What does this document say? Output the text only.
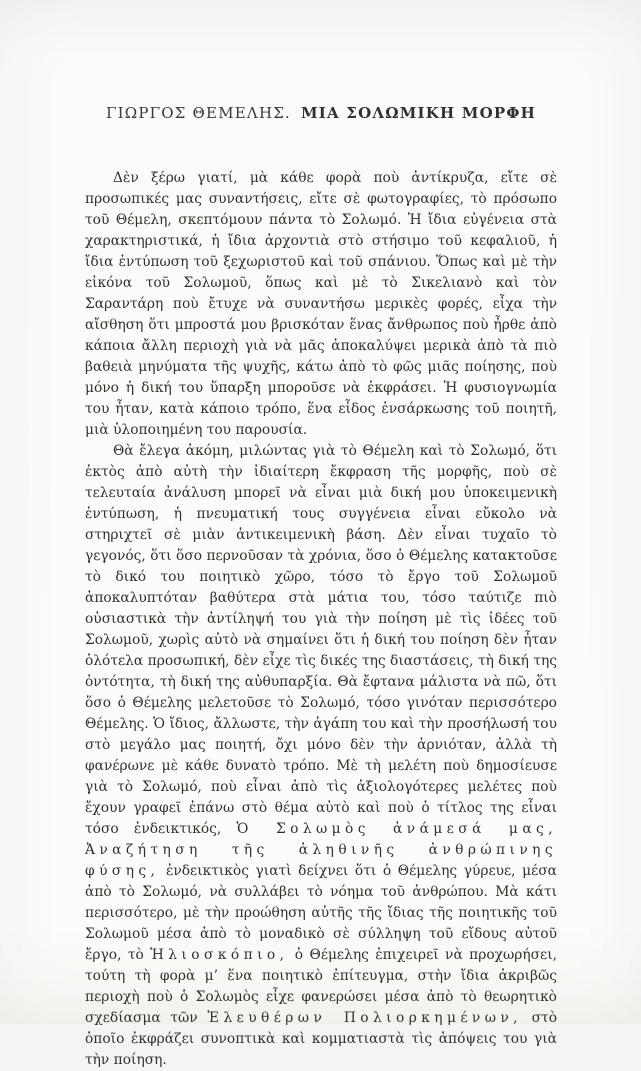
ΓΙΩΡΓΟΣ ΘΕΜΕΛΗΣ. ΜΙΑ ΣΟΛΩΜΙΚΗ ΜΟΡΦΗ

Δὲν ξέρω γιατί, μὰ κάθε φορὰ ποὺ ἀντίκρυζα, εἴτε σὲ προσωπικές μας συναντήσεις, εἴτε σὲ φωτογραφίες, τὸ πρόσωπο τοῦ Θέμελη, σκεπτόμουν πάντα τὸ Σολωμό. Ἡ ἴδια εὐγένεια στὰ χαρακτηριστικά, ἡ ἴδια ἀρχοντιὰ στὸ στήσιμο τοῦ κεφαλιοῦ, ἡ ἴδια ἐντύπωση τοῦ ξεχωριστοῦ καὶ τοῦ σπάνιου. Ὅπως καὶ μὲ τὴν εἰκόνα τοῦ Σολωμοῦ, ὅπως καὶ μὲ τὸ Σικελιανὸ καὶ τὸν Σαραντάρη ποὺ ἔτυχε νὰ συναντήσω μερικὲς φορές, εἶχα τὴν αἴσθηση ὅτι μπροστά μου βρισκόταν ἕνας ἄνθρωπος ποὺ ἦρθε ἀπὸ κάποια ἄλλη περιοχὴ γιὰ νὰ μᾶς ἀποκαλύψει μερικὰ ἀπὸ τὰ πιὸ βαθειὰ μηνύματα τῆς ψυχῆς, κάτω ἀπὸ τὸ φῶς μιᾶς ποίησης, ποὺ μόνο ἡ δική του ὕπαρξη μποροῦσε νὰ ἐκφράσει. Ἡ φυσιογνωμία του ἦταν, κατὰ κάποιο τρόπο, ἕνα εἶδος ἐνσάρκωσης τοῦ ποιητῆ, μιὰ ὑλοποιημένη του παρουσία.

Θὰ ἔλεγα ἀκόμη, μιλώντας γιὰ τὸ Θέμελη καὶ τὸ Σολωμό, ὅτι ἐκτὸς ἀπὸ αὐτὴ τὴν ἰδιαίτερη ἔκφραση τῆς μορφῆς, ποὺ σὲ τελευταία ἀνάλυση μπορεῖ νὰ εἶναι μιὰ δική μου ὑποκειμενικὴ ἐντύπωση, ἡ πνευματική τους συγγένεια εἶναι εὔκολο νὰ στηριχτεῖ σὲ μιὰν ἀντικειμενικὴ βάση. Δὲν εἶναι τυχαῖο τὸ γεγονός, ὅτι ὅσο περνοῦσαν τὰ χρόνια, ὅσο ὁ Θέμελης κατακτοῦσε τὸ δικό του ποιητικὸ χῶρο, τόσο τὸ ἔργο τοῦ Σολωμοῦ ἀποκαλυπτόταν βαθύτερα στὰ μάτια του, τόσο ταύτιζε πιὸ οὐσιαστικὰ τὴν ἀντίληψή του γιὰ τὴν ποίηση μὲ τὶς ἰδέες τοῦ Σολωμοῦ, χωρὶς αὐτὸ νὰ σημαίνει ὅτι ἡ δική του ποίηση δὲν ἦταν ὁλότελα προσωπική, δὲν εἶχε τὶς δικές της διαστάσεις, τὴ δική της ὀντότητα, τὴ δική της αὐθυπαρξία. Θὰ ἔφτανα μάλιστα νὰ πῶ, ὅτι ὅσο ὁ Θέμελης μελετοῦσε τὸ Σολωμό, τόσο γινόταν περισσότερο Θέμελης. Ὁ ἴδιος, ἄλλωστε, τὴν ἀγάπη του καὶ τὴν προσήλωσή του στὸ μεγάλο μας ποιητή, ὄχι μόνο δὲν τὴν ἀρνιόταν, ἀλλὰ τὴ φανέρωνε μὲ κάθε δυνατὸ τρόπο. Μὲ τὴ μελέτη ποὺ δημοσίευσε γιὰ τὸ Σολωμό, ποὺ εἶναι ἀπὸ τὶς ἀξιολογότερες μελέτες ποὺ ἔχουν γραφεῖ ἐπάνω στὸ θέμα αὐτὸ καὶ ποὺ ὁ τίτλος της εἶναι τόσο ἐνδεικτικός, Ὁ Σολωμὸς ἀνάμεσά μας, Ἀναζήτηση τῆς ἀληθινῆς ἀνθρώπινης φύσης, ἐνδεικτικὸς γιατὶ δείχνει ὅτι ὁ Θέμελης γύρευε, μέσα ἀπὸ τὸ Σολωμό, νὰ συλλάβει τὸ νόημα τοῦ ἀνθρώπου. Μὰ κάτι περισσότερο, μὲ τὴν προώθηση αὐτῆς τῆς ἴδιας τῆς ποιητικῆς τοῦ Σολωμοῦ μέσα ἀπὸ τὸ μοναδικὸ σὲ σύλληψη τοῦ εἴδους αὐτοῦ ἔργο, τὸ Ἡλιοσκόπιο, ὁ Θέμελης ἐπιχειρεῖ νὰ προχωρήσει, τούτη τὴ φορὰ μ’ ἕνα ποιητικὸ ἐπίτευγμα, στὴν ἴδια ἀκριβῶς περιοχὴ ποὺ ὁ Σολωμὸς εἶχε φανερώσει μέσα ἀπὸ τὸ θεωρητικὸ σχεδίασμα τῶν Ἐλευθέρων Πολιορκημένων, στὸ ὁποῖο ἐκφράζει συνοπτικὰ καὶ κομματιαστὰ τὶς ἀπόψεις του γιὰ τὴν ποίηση.
